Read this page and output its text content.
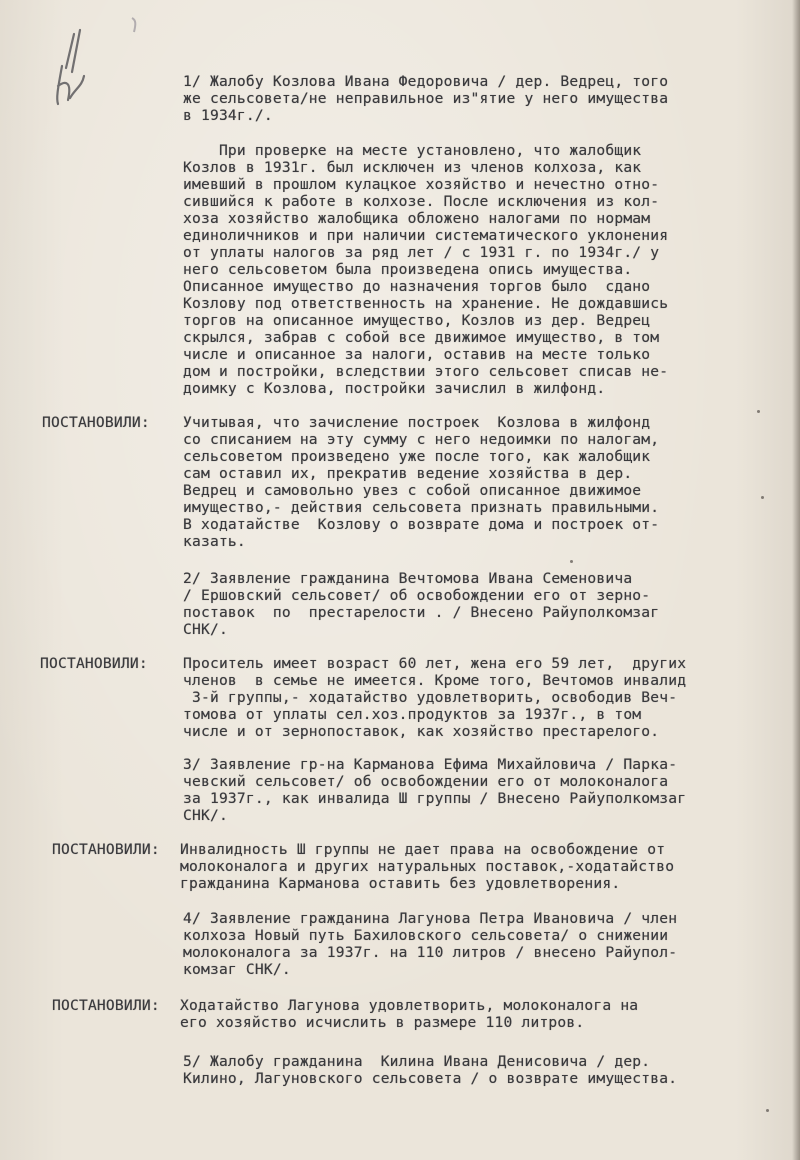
1/ Жалобу Козлова Ивана Федоровича / дер. Ведрец, того
же сельсовета/не неправильное из"ятие у него имущества
в 1934г./.
При проверке на месте установлено, что жалобщик
Козлов в 1931г. был исключен из членов колхоза, как
имевший в прошлом кулацкое хозяйство и нечестно отно-
сившийся к работе в колхозе. После исключения из кол-
хоза хозяйство жалобщика обложено налогами по нормам
единоличников и при наличии систематического уклонения
от уплаты налогов за ряд лет / с 1931 г. по 1934г./ у
него сельсоветом была произведена опись имущества.
Описанное имущество до назначения торгов было  сдано
Козлову под ответственность на хранение. Не дождавшись
торгов на описанное имущество, Козлов из дер. Ведрец
скрылся, забрав с собой все движимое имущество, в том
числе и описанное за налоги, оставив на месте только
дом и постройки, вследствии этого сельсовет списав не-
доимку с Козлова, постройки зачислил в жилфонд.
ПОСТАНОВИЛИ: Учитывая, что зачисление построек  Козлова в жилфонд
со списанием на эту сумму с него недоимки по налогам,
сельсоветом произведено уже после того, как жалобщик
сам оставил их, прекратив ведение хозяйства в дер.
Ведрец и самовольно увез с собой описанное движимое
имущество,- действия сельсовета признать правильными.
В ходатайстве  Козлову о возврате дома и построек от-
казать.
2/ Заявление гражданина Вечтомова Ивана Семеновича
/ Ершовский сельсовет/ об освобождении его от зерно-
поставок  по  престарелости . / Внесено Райуполкомзаг
СНК/.
ПОСТАНОВИЛИ: Проситель имеет возраст 60 лет, жена его 59 лет,  других
членов  в семье не имеется. Кроме того, Вечтомов инвалид
3-й группы,- ходатайство удовлетворить, освободив Веч-
томова от уплаты сел.хоз.продуктов за 1937г., в том
числе и от зернопоставок, как хозяйство престарелого.
3/ Заявление гр-на Карманова Ефима Михайловича / Парка-
чевский сельсовет/ об освобождении его от молоконалога
за 1937г., как инвалида Ш группы / Внесено Райуполкомзаг
СНК/.
ПОСТАНОВИЛИ: Инвалидность Ш группы не дает права на освобождение от
молоконалога и других натуральных поставок,-ходатайство
гражданина Карманова оставить без удовлетворения.
4/ Заявление гражданина Лагунова Петра Ивановича / член
колхоза Новый путь Бахиловского сельсовета/ о снижении
молоконалога за 1937г. на 110 литров / внесено Райупол-
комзаг СНК/.
ПОСТАНОВИЛИ: Ходатайство Лагунова удовлетворить, молоконалога на
его хозяйство исчислить в размере 110 литров.
5/ Жалобу гражданина  Килина Ивана Денисовича / дер.
Килино, Лагуновского сельсовета / о возврате имущества.
